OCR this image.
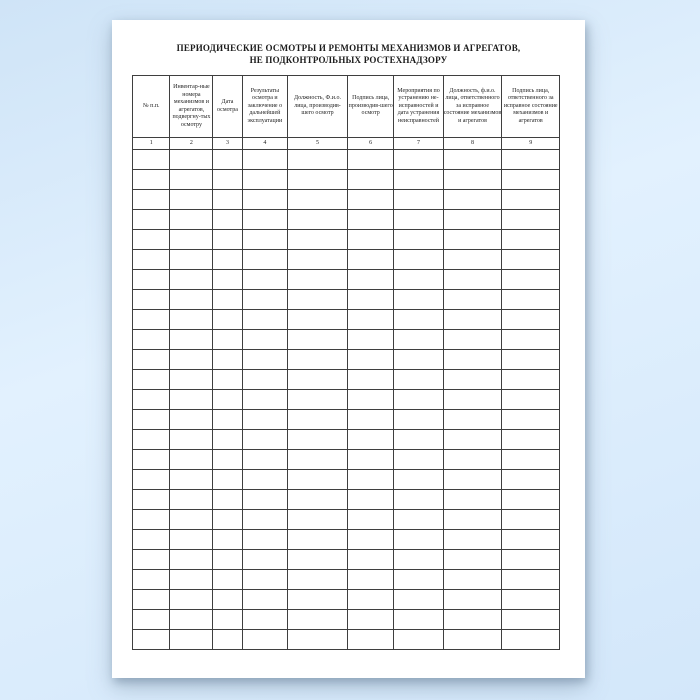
ПЕРИОДИЧЕСКИЕ ОСМОТРЫ И РЕМОНТЫ МЕХАНИЗМОВ И АГРЕГАТОВ,
НЕ ПОДКОНТРОЛЬНЫХ РОСТЕХНАДЗОРУ
№ п.п.	Инвентар-ные номера механизмов и агрегатов, подвергну-тых осмотру	Дата осмотра	Результаты осмотра и заключение о дальнейшей эксплуатации	Должность, Ф.и.о. лица, производив-шего осмотр	Подпись лица, производив-шего осмотр	Мероприятия по устранению не-исправностей и дата устранения неисправностей	Должность, ф.и.о. лица, ответственного за исправное состояние механизмов и агрегатов	Подпись лица, ответственного за исправное состояние механизмов и агрегатов
1	2	3	4	5	6	7	8	9
